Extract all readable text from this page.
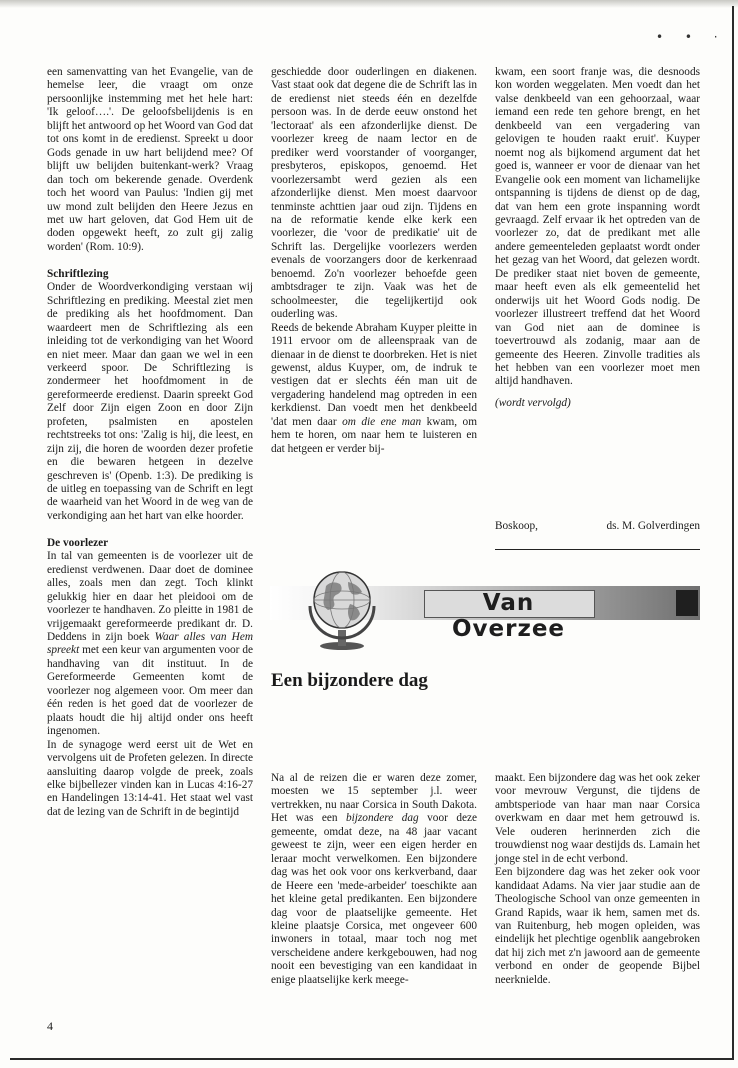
• • ·

een samenvatting van het Evangelie, van de hemelse leer, die vraagt om onze persoonlijke instemming met het hele hart: 'Ik geloof….'. De geloofsbelijdenis is en blijft het antwoord op het Woord van God dat tot ons komt in de eredienst. Spreekt u door Gods genade in uw hart belijdend mee? Of blijft uw belijden buitenkant-werk? Vraag dan toch om bekerende genade. Overdenk toch het woord van Paulus: 'Indien gij met uw mond zult belijden den Heere Jezus en met uw hart geloven, dat God Hem uit de doden opgewekt heeft, zo zult gij zalig worden' (Rom. 10:9).

Schriftlezing

Onder de Woordverkondiging verstaan wij Schriftlezing en prediking. Meestal ziet men de prediking als het hoofdmoment. Dan waardeert men de Schriftlezing als een inleiding tot de verkondiging van het Woord en niet meer. Maar dan gaan we wel in een verkeerd spoor. De Schriftlezing is zondermeer het hoofdmoment in de gereformeerde eredienst. Daarin spreekt God Zelf door Zijn eigen Zoon en door Zijn profeten, psalmisten en apostelen rechtstreeks tot ons: 'Zalig is hij, die leest, en zijn zij, die horen de woorden dezer profetie en die bewaren hetgeen in dezelve geschreven is' (Openb. 1:3). De prediking is de uitleg en toepassing van de Schrift en legt de waarheid van het Woord in de weg van de verkondiging aan het hart van elke hoorder.

De voorlezer

In tal van gemeenten is de voorlezer uit de eredienst verdwenen. Daar doet de dominee alles, zoals men dan zegt. Toch klinkt gelukkig hier en daar het pleidooi om de voorlezer te handhaven. Zo pleitte in 1981 de vrijgemaakt gereformeerde predikant dr. D. Deddens in zijn boek Waar alles van Hem spreekt met een keur van argumenten voor de handhaving van dit instituut. In de Gereformeerde Gemeenten komt de voorlezer nog algemeen voor. Om meer dan één reden is het goed dat de voorlezer de plaats houdt die hij altijd onder ons heeft ingenomen.

In de synagoge werd eerst uit de Wet en vervolgens uit de Profeten gelezen. In directe aansluiting daarop volgde de preek, zoals elke bijbellezer vinden kan in Lucas 4:16-27 en Handelingen 13:14-41. Het staat wel vast dat de lezing van de Schrift in de begintijd

geschiedde door ouderlingen en diakenen. Vast staat ook dat degene die de Schrift las in de eredienst niet steeds één en dezelfde persoon was. In de derde eeuw onstond het 'lectoraat' als een afzonderlijke dienst. De voorlezer kreeg de naam lector en de prediker werd voorstander of voorganger, presbyteros, episkopos, genoemd. Het voorlezersambt werd gezien als een afzonderlijke dienst. Men moest daarvoor tenminste achttien jaar oud zijn. Tijdens en na de reformatie kende elke kerk een voorlezer, die 'voor de predikatie' uit de Schrift las. Dergelijke voorlezers werden evenals de voorzangers door de kerkenraad benoemd. Zo'n voorlezer behoefde geen ambtsdrager te zijn. Vaak was het de schoolmeester, die tegelijkertijd ook ouderling was.

Reeds de bekende Abraham Kuyper pleitte in 1911 ervoor om de alleenspraak van de dienaar in de dienst te doorbreken. Het is niet gewenst, aldus Kuyper, om, de indruk te vestigen dat er slechts één man uit de vergadering handelend mag optreden in een kerkdienst. Dan voedt men het denkbeeld 'dat men daar om die ene man kwam, om hem te horen, om naar hem te luisteren en dat hetgeen er verder bij-

kwam, een soort franje was, die desnoods kon worden weggelaten. Men voedt dan het valse denkbeeld van een gehoorzaal, waar iemand een rede ten gehore brengt, en het denkbeeld van een vergadering van gelovigen te houden raakt eruit'. Kuyper noemt nog als bijkomend argument dat het goed is, wanneer er voor de dienaar van het Evangelie ook een moment van lichamelijke ontspanning is tijdens de dienst op de dag, dat van hem een grote inspanning wordt gevraagd. Zelf ervaar ik het optreden van de voorlezer zo, dat de predikant met alle andere gemeenteleden geplaatst wordt onder het gezag van het Woord, dat gelezen wordt. De prediker staat niet boven de gemeente, maar heeft even als elk gemeentelid het onderwijs uit het Woord Gods nodig. De voorlezer illustreert treffend dat het Woord van God niet aan de dominee is toevertrouwd als zodanig, maar aan de gemeente des Heeren. Zinvolle tradities als het hebben van een voorlezer moet men altijd handhaven.

(wordt vervolgd)

Boskoop,	ds. M. Golverdingen
Van Overzee
Een bijzondere dag

Na al de reizen die er waren deze zomer, moesten we 15 september j.l. weer vertrekken, nu naar Corsica in South Dakota. Het was een bijzondere dag voor deze gemeente, omdat deze, na 48 jaar vacant geweest te zijn, weer een eigen herder en leraar mocht verwelkomen. Een bijzondere dag was het ook voor ons kerkverband, daar de Heere een 'mede-arbeider' toeschikte aan het kleine getal predikanten. Een bijzondere dag voor de plaatselijke gemeente. Het kleine plaatsje Corsica, met ongeveer 600 inwoners in totaal, maar toch nog met verscheidene andere kerkgebouwen, had nog nooit een bevestiging van een kandidaat in enige plaatselijke kerk meege-

maakt. Een bijzondere dag was het ook zeker voor mevrouw Vergunst, die tijdens de ambtsperiode van haar man naar Corsica overkwam en daar met hem getrouwd is. Vele ouderen herinnerden zich die trouwdienst nog waar destijds ds. Lamain het jonge stel in de echt verbond.

Een bijzondere dag was het zeker ook voor kandidaat Adams. Na vier jaar studie aan de Theologische School van onze gemeenten in Grand Rapids, waar ik hem, samen met ds. van Ruitenburg, heb mogen opleiden, was eindelijk het plechtige ogenblik aangebroken dat hij zich met z'n jawoord aan de gemeente verbond en onder de geopende Bijbel neerknielde.

4
